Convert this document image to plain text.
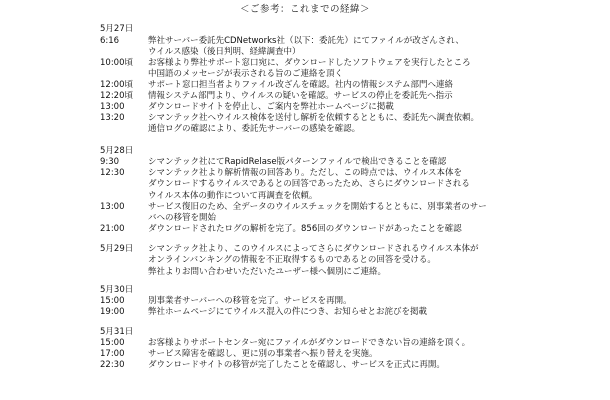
＜ご参考：これまでの経緯＞
5月27日
6:16	弊社サーバー委託先CDNetworks社（以下：委託先）にてファイルが改ざんされ、
ウイルス感染（後日判明、経緯調査中）
10:00頃 お客様より弊社サポート窓口宛に、ダウンロードしたソフトウェアを実行したところ
中国語のメッセージが表示される旨のご連絡を頂く
12:00頃 サポート窓口担当者よりファイル改ざんを確認。社内の情報システム部門へ連絡
12:20頃 情報システム部門より、ウイルスの疑いを確認。サービスの停止を委託先へ指示
13:00	ダウンロードサイトを停止し、ご案内を弊社ホームページに掲載
13:20	シマンテック社へウイルス検体を送付し解析を依頼するとともに、委託先へ調査依頼。
通信ログの確認により、委託先サーバーの感染を確認。
5月28日
9:30	シマンテック社にてRapidRelase版パターンファイルで検出できることを確認
12:30	シマンテック社より解析情報の回答あり。ただし、この時点では、ウイルス本体を
ダウンロードするウイルスであるとの回答であったため、さらにダウンロードされる
ウイルス本体の動作について再調査を依頼。
13:00	サービス復旧のため、全データのウイルスチェックを開始するとともに、別事業者のサー
バへの移管を開始
21:00	ダウンロードされたログの解析を完了。856回のダウンロードがあったことを確認
5月29日 シマンテック社より、このウイルスによってさらにダウンロードされるウイルス本体が
オンラインバンキングの情報を不正取得するものであるとの回答を受ける。
弊社よりお問い合わせいただいたユーザー様へ個別にご連絡。
5月30日
15:00	別事業者サーバーへの移管を完了。サービスを再開。
19:00	弊社ホームページにてウイルス混入の件につき、お知らせとお詫びを掲載
5月31日
15:00	お客様よりサポートセンター宛にファイルがダウンロードできない旨の連絡を頂く。
17:00	サービス障害を確認し、更に別の事業者へ振り替えを実施。
22:30	ダウンロードサイトの移管が完了したことを確認し、サービスを正式に再開。
